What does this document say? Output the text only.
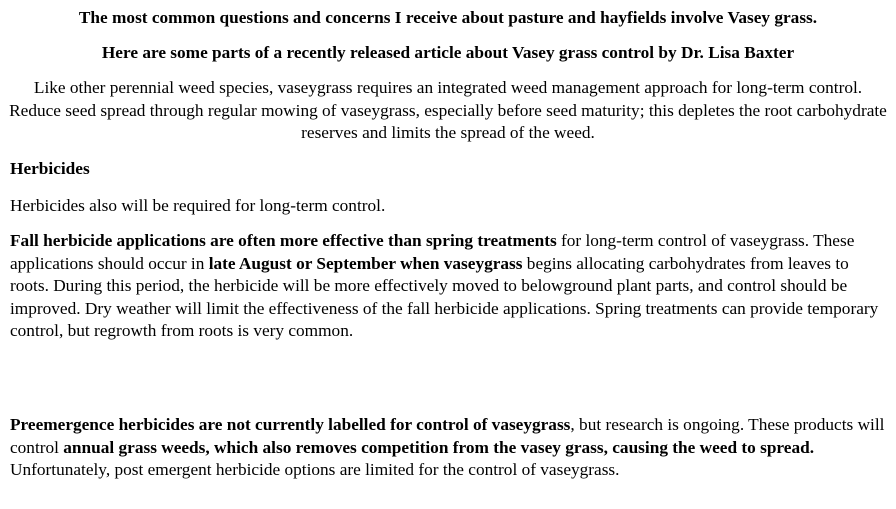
The most common questions and concerns I receive about pasture and hayfields involve Vasey grass.

Here are some parts of a recently released article about Vasey grass control by Dr. Lisa Baxter

Like other perennial weed species, vaseygrass requires an integrated weed management approach for long-term control. Reduce seed spread through regular mowing of vaseygrass, especially before seed maturity; this depletes the root carbohydrate reserves and limits the spread of the weed.

Herbicides

Herbicides also will be required for long-term control.

Fall herbicide applications are often more effective than spring treatments for long-term control of vaseygrass. These applications should occur in late August or September when vaseygrass begins allocating carbohydrates from leaves to roots. During this period, the herbicide will be more effectively moved to belowground plant parts, and control should be improved. Dry weather will limit the effectiveness of the fall herbicide applications. Spring treatments can provide temporary control, but regrowth from roots is very common.

Preemergence herbicides are not currently labelled for control of vaseygrass, but research is ongoing. These products will control annual grass weeds, which also removes competition from the vasey grass, causing the weed to spread. Unfortunately, post emergent herbicide options are limited for the control of vaseygrass.
